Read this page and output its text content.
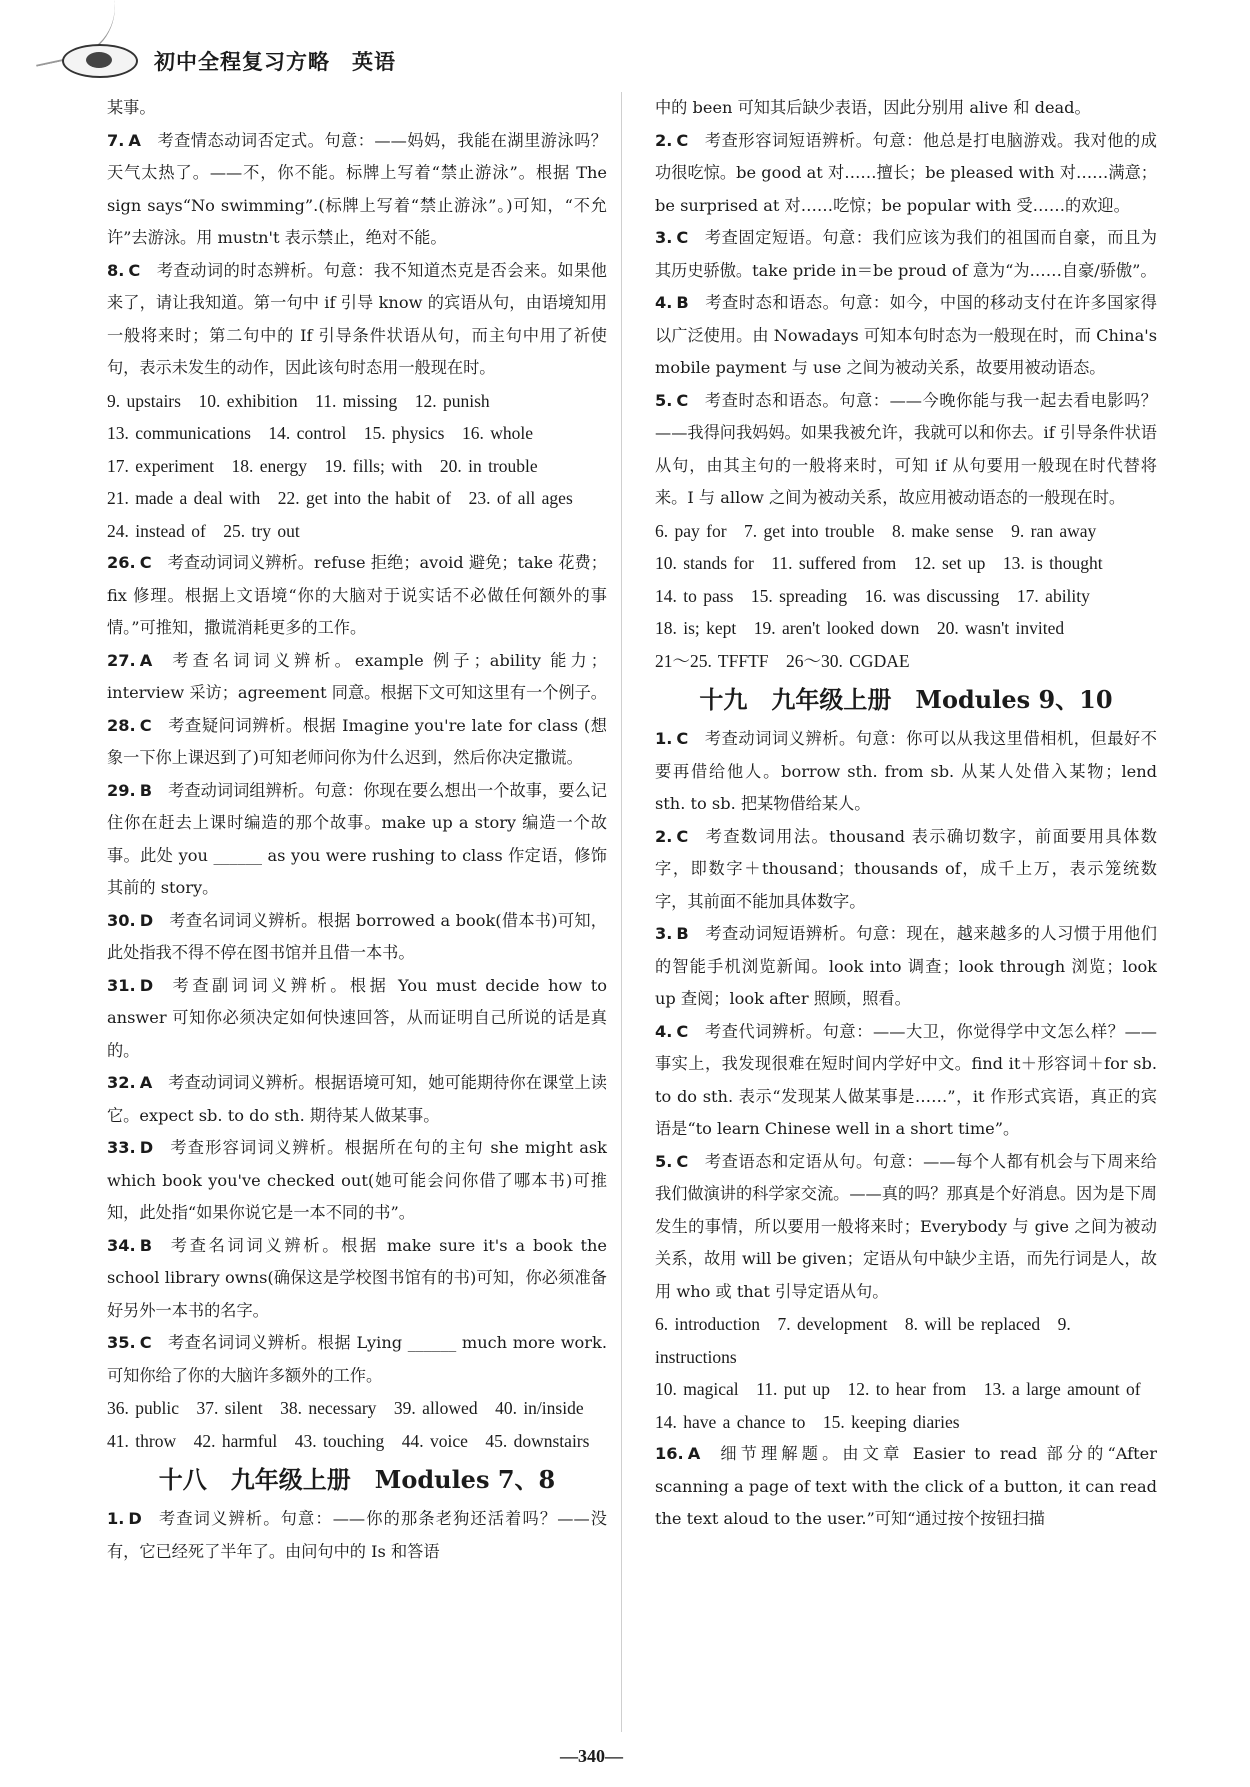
初中全程复习方略　英语

某事。

7. A 考查情态动词否定式。句意：——妈妈，我能在湖里游泳吗？天气太热了。——不，你不能。标牌上写着“禁止游泳”。根据 The sign says“No swimming”.(标牌上写着“禁止游泳”。)可知，“不允许”去游泳。用 mustn't 表示禁止，绝对不能。

8. C 考查动词的时态辨析。句意：我不知道杰克是否会来。如果他来了，请让我知道。第一句中 if 引导 know 的宾语从句，由语境知用一般将来时；第二句中的 If 引导条件状语从句，而主句中用了祈使句，表示未发生的动作，因此该句时态用一般现在时。

9. upstairs　10. exhibition　11. missing　12. punish

13. communications　14. control　15. physics　16. whole

17. experiment　18. energy　19. fills; with　20. in trouble

21. made a deal with　22. get into the habit of　23. of all ages　24. instead of　25. try out

26. C 考查动词词义辨析。refuse 拒绝；avoid 避免；take 花费；fix 修理。根据上文语境“你的大脑对于说实话不必做任何额外的事情。”可推知，撒谎消耗更多的工作。

27. A 考查名词词义辨析。example 例子；ability 能力；interview 采访；agreement 同意。根据下文可知这里有一个例子。

28. C 考查疑问词辨析。根据 Imagine you're late for class (想象一下你上课迟到了)可知老师问你为什么迟到，然后你决定撒谎。

29. B 考查动词词组辨析。句意：你现在要么想出一个故事，要么记住你在赶去上课时编造的那个故事。make up a story 编造一个故事。此处 you ______ as you were rushing to class 作定语，修饰其前的 story。

30. D 考查名词词义辨析。根据 borrowed a book(借本书)可知，此处指我不得不停在图书馆并且借一本书。

31. D 考查副词词义辨析。根据 You must decide how to answer 可知你必须决定如何快速回答，从而证明自己所说的话是真的。

32. A 考查动词词义辨析。根据语境可知，她可能期待你在课堂上读它。expect sb. to do sth. 期待某人做某事。

33. D 考查形容词词义辨析。根据所在句的主句 she might ask which book you've checked out(她可能会问你借了哪本书)可推知，此处指“如果你说它是一本不同的书”。

34. B 考查名词词义辨析。根据 make sure it's a book the school library owns(确保这是学校图书馆有的书)可知，你必须准备好另外一本书的名字。

35. C 考查名词词义辨析。根据 Lying ______ much more work. 可知你给了你的大脑许多额外的工作。

36. public　37. silent　38. necessary　39. allowed　40. in/inside

41. throw　42. harmful　43. touching　44. voice　45. downstairs

十八　九年级上册　Modules 7、8

1. D 考查词义辨析。句意：——你的那条老狗还活着吗？——没有，它已经死了半年了。由问句中的 Is 和答语

中的 been 可知其后缺少表语，因此分别用 alive 和 dead。

2. C 考查形容词短语辨析。句意：他总是打电脑游戏。我对他的成功很吃惊。be good at 对……擅长；be pleased with 对……满意；be surprised at 对……吃惊；be popular with 受……的欢迎。

3. C 考查固定短语。句意：我们应该为我们的祖国而自豪，而且为其历史骄傲。take pride in＝be proud of 意为“为……自豪/骄傲”。

4. B 考查时态和语态。句意：如今，中国的移动支付在许多国家得以广泛使用。由 Nowadays 可知本句时态为一般现在时，而 China's mobile payment 与 use 之间为被动关系，故要用被动语态。

5. C 考查时态和语态。句意：——今晚你能与我一起去看电影吗？——我得问我妈妈。如果我被允许，我就可以和你去。if 引导条件状语从句，由其主句的一般将来时，可知 if 从句要用一般现在时代替将来。I 与 allow 之间为被动关系，故应用被动语态的一般现在时。

6. pay for　7. get into trouble　8. make sense　9. ran away

10. stands for　11. suffered from　12. set up　13. is thought

14. to pass　15. spreading　16. was discussing　17. ability

18. is; kept　19. aren't looked down　20. wasn't invited

21～25. TFFTF　26～30. CGDAE

十九　九年级上册　Modules 9、10

1. C 考查动词词义辨析。句意：你可以从我这里借相机，但最好不要再借给他人。borrow sth. from sb. 从某人处借入某物；lend sth. to sb. 把某物借给某人。

2. C 考查数词用法。thousand 表示确切数字，前面要用具体数字，即数字＋thousand；thousands of，成千上万，表示笼统数字，其前面不能加具体数字。

3. B 考查动词短语辨析。句意：现在，越来越多的人习惯于用他们的智能手机浏览新闻。look into 调查；look through 浏览；look up 查阅；look after 照顾，照看。

4. C 考查代词辨析。句意：——大卫，你觉得学中文怎么样？——事实上，我发现很难在短时间内学好中文。find it＋形容词＋for sb. to do sth. 表示“发现某人做某事是……”，it 作形式宾语，真正的宾语是“to learn Chinese well in a short time”。

5. C 考查语态和定语从句。句意：——每个人都有机会与下周来给我们做演讲的科学家交流。——真的吗？那真是个好消息。因为是下周发生的事情，所以要用一般将来时；Everybody 与 give 之间为被动关系，故用 will be given；定语从句中缺少主语，而先行词是人，故用 who 或 that 引导定语从句。

6. introduction　7. development　8. will be replaced　9. instructions

10. magical　11. put up　12. to hear from　13. a large amount of

14. have a chance to　15. keeping diaries

16. A 细节理解题。由文章 Easier to read 部分的“After scanning a page of text with the click of a button, it can read the text aloud to the user.”可知“通过按个按钮扫描

—340—
